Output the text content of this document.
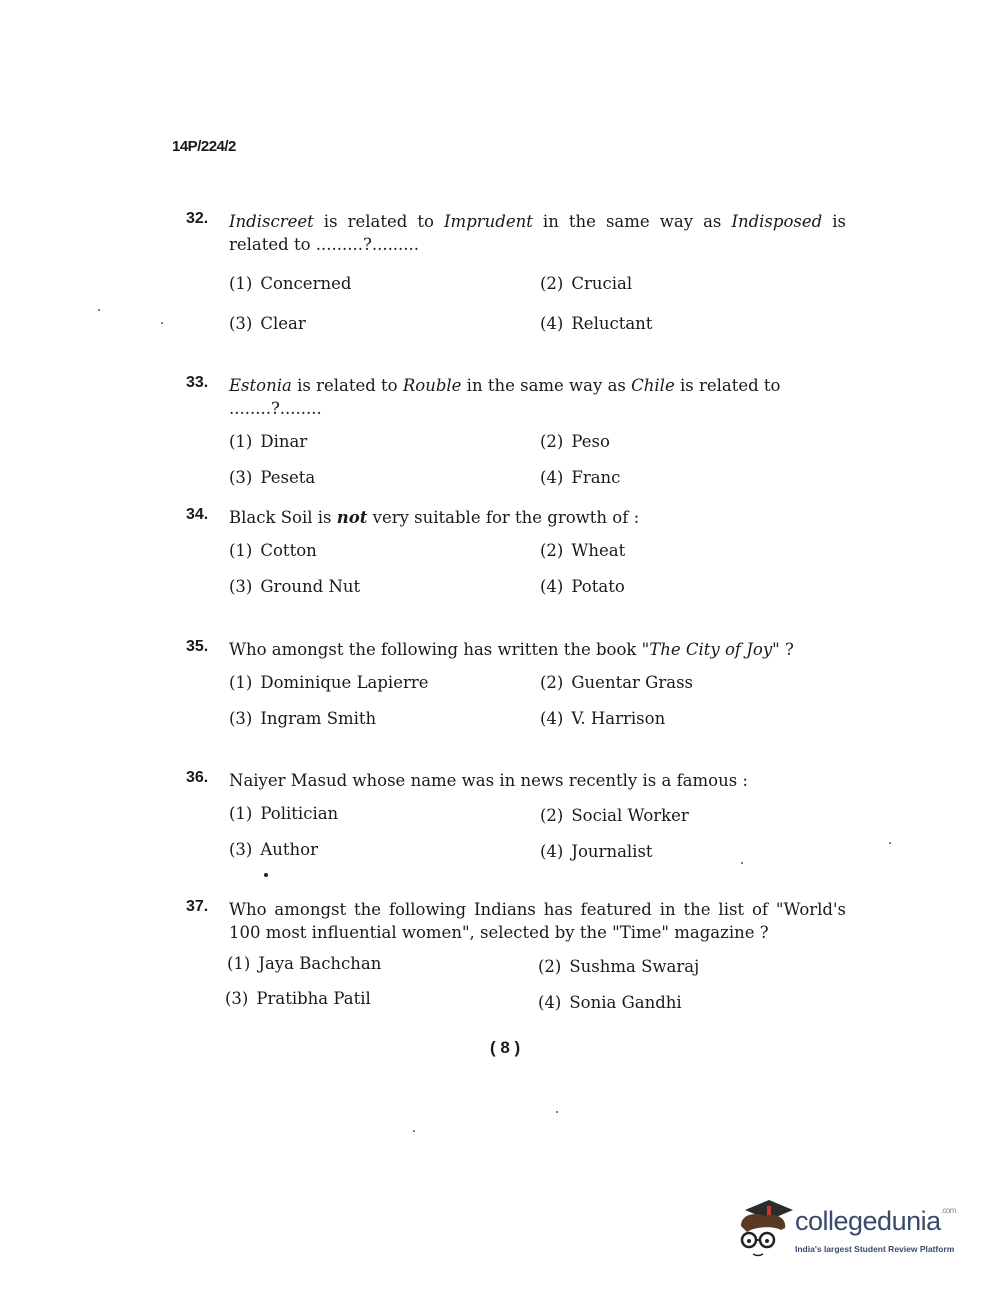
14P/224/2
32. Indiscreet is related to Imprudent in the same way as Indisposed is related to .........?.........
(1) Concerned	(2) Crucial
(3) Clear	(4) Reluctant
33. Estonia is related to Rouble in the same way as Chile is related to ........?........
(1) Dinar	(2) Peso
(3) Peseta	(4) Franc
34. Black Soil is not very suitable for the growth of :
(1) Cotton	(2) Wheat
(3) Ground Nut	(4) Potato
35. Who amongst the following has written the book "The City of Joy" ?
(1) Dominique Lapierre	(2) Guentar Grass
(3) Ingram Smith	(4) V. Harrison
36. Naiyer Masud whose name was in news recently is a famous :
(1) Politician	(2) Social Worker
(3) Author	(4) Journalist
37. Who amongst the following Indians has featured in the list of "World's 100 most influential women", selected by the "Time" magazine ?
(1) Jaya Bachchan	(2) Sushma Swaraj
(3) Pratibha Patil	(4) Sonia Gandhi
( 8 )
collegedunia$^{.com}$
India's largest Student Review Platform
